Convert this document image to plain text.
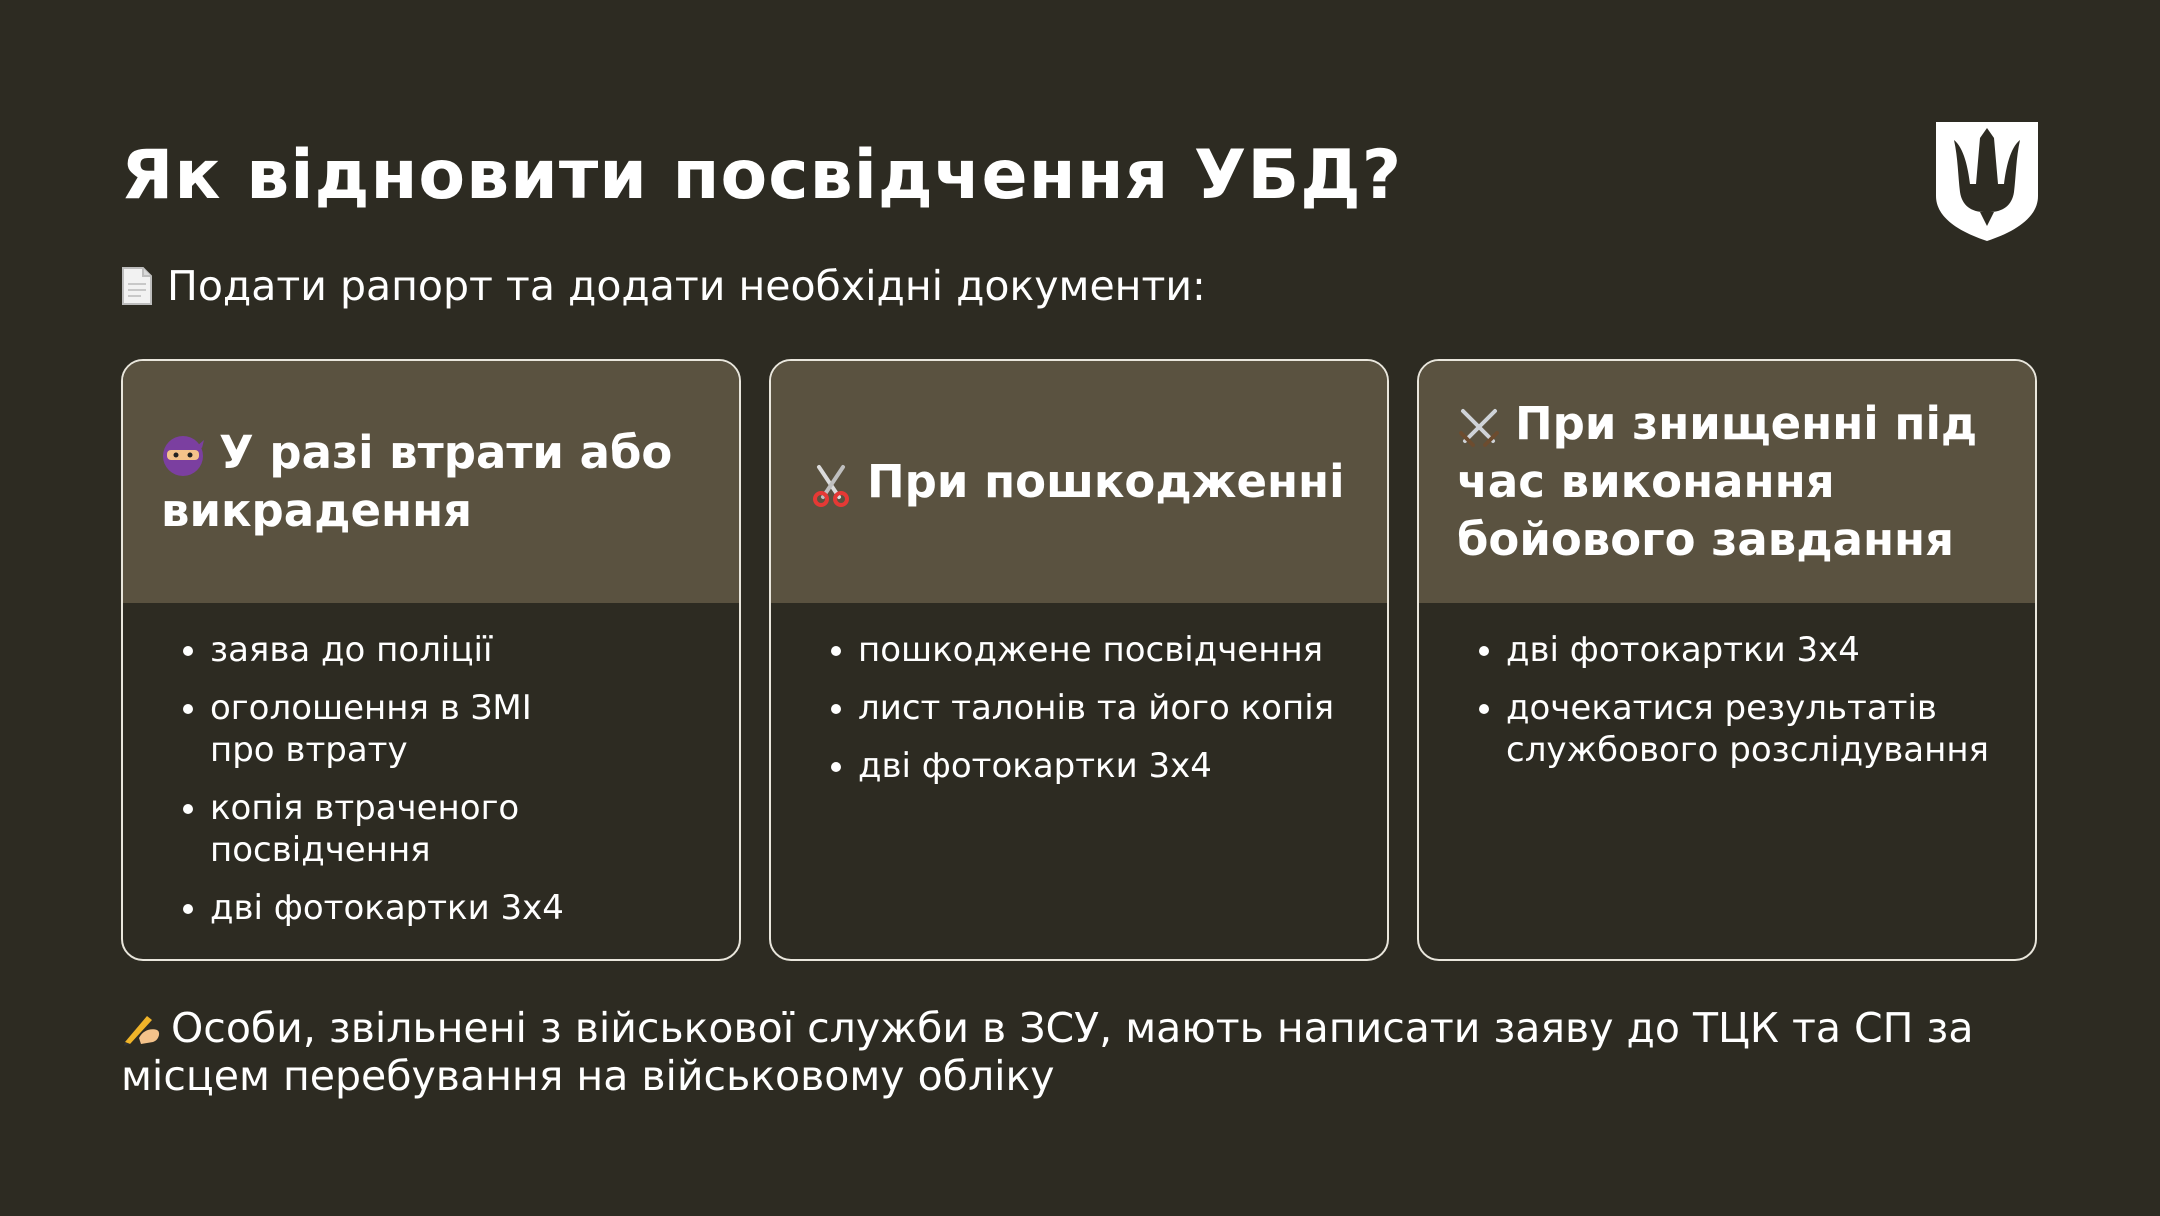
Як відновити посвідчення УБД?
Подати рапорт та додати необхідні документи:
У разі втрати або викрадення
• заява до поліції
• оголошення в ЗМІ про втрату
• копія втраченого посвідчення
• дві фотокартки 3х4
При пошкодженні
• пошкоджене посвідчення
• лист талонів та його копія
• дві фотокартки 3х4
При знищенні під час виконання бойового завдання
• дві фотокартки 3х4
• дочекатися результатів службового розслідування
Особи, звільнені з військової служби в ЗСУ, мають написати заяву до ТЦК та СП за місцем перебування на військовому обліку
